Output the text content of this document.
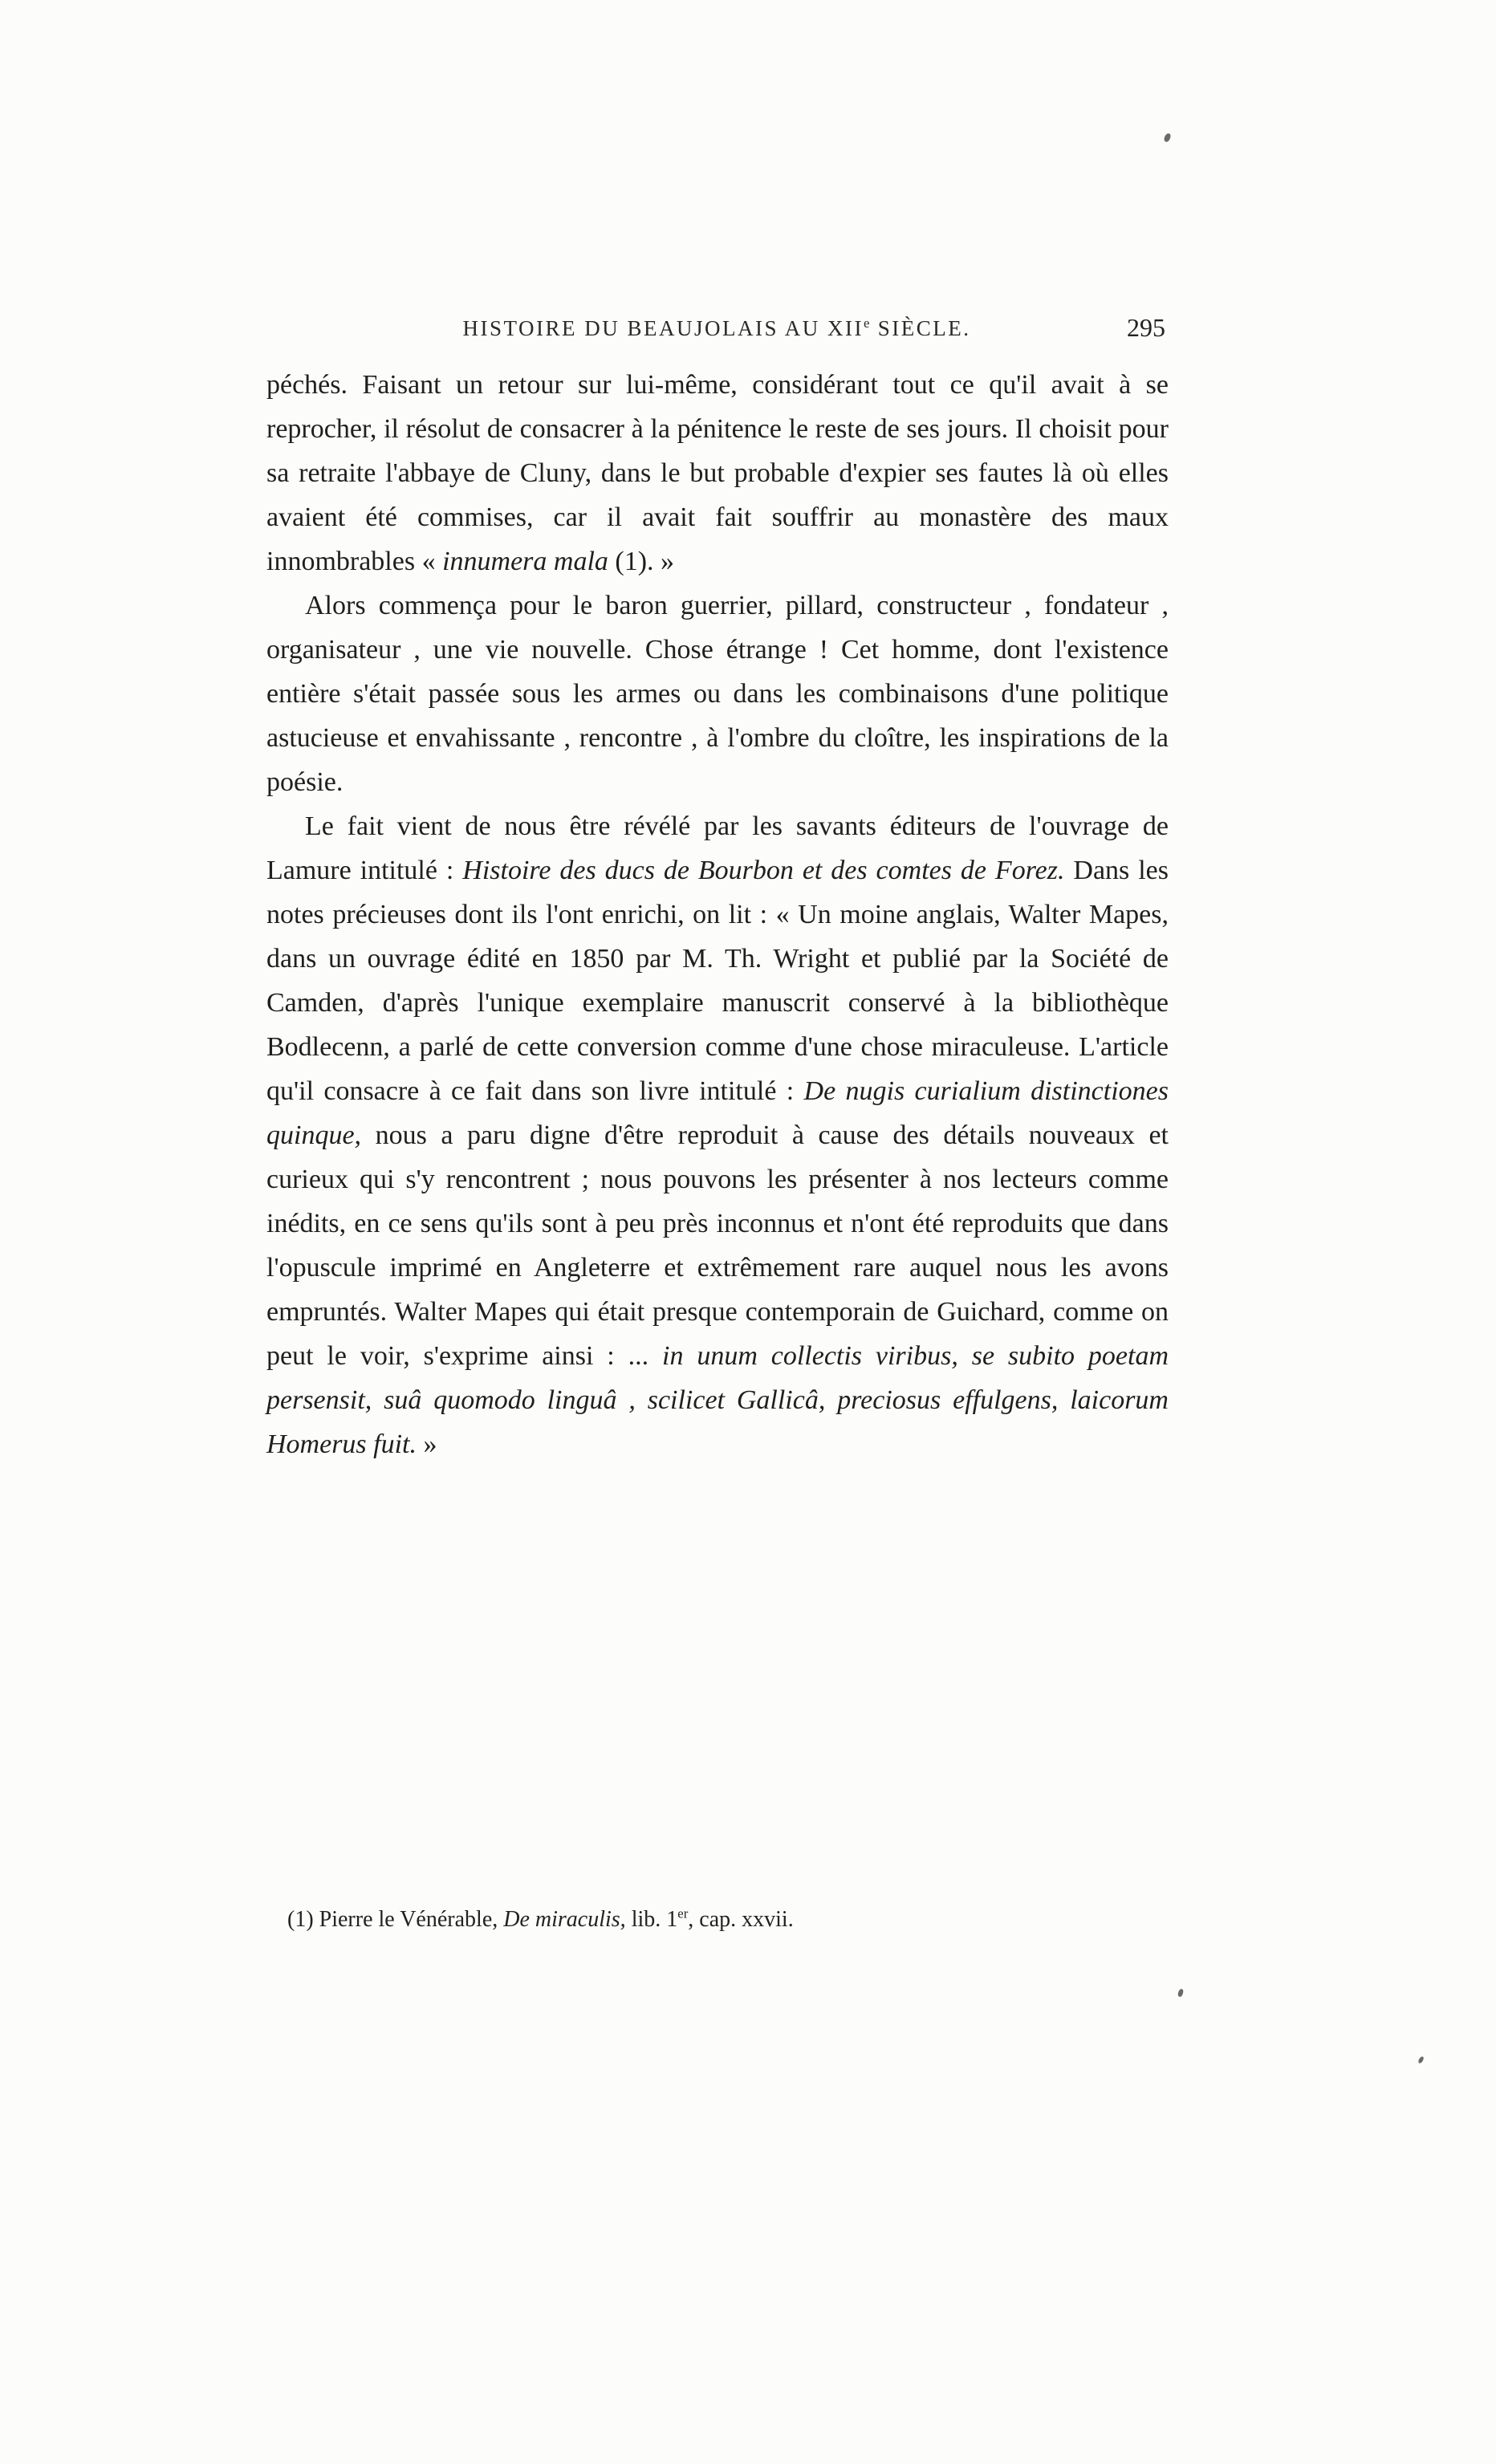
HISTOIRE DU BEAUJOLAIS AU XIIe SIÈCLE.	295

péchés. Faisant un retour sur lui-même, considérant tout ce qu'il avait à se reprocher, il résolut de consacrer à la pénitence le reste de ses jours. Il choisit pour sa retraite l'abbaye de Cluny, dans le but probable d'expier ses fautes là où elles avaient été commises, car il avait fait souffrir au monastère des maux innombrables « innumera mala (1). »

Alors commença pour le baron guerrier, pillard, constructeur , fondateur , organisateur , une vie nouvelle. Chose étrange ! Cet homme, dont l'existence entière s'était passée sous les armes ou dans les combinaisons d'une politique astucieuse et envahissante , rencontre , à l'ombre du cloître, les inspirations de la poésie.

Le fait vient de nous être révélé par les savants éditeurs de l'ouvrage de Lamure intitulé : Histoire des ducs de Bourbon et des comtes de Forez. Dans les notes précieuses dont ils l'ont enrichi, on lit : « Un moine anglais, Walter Mapes, dans un ouvrage édité en 1850 par M. Th. Wright et publié par la Société de Camden, d'après l'unique exemplaire manuscrit conservé à la bibliothèque Bodlecenn, a parlé de cette conversion comme d'une chose miraculeuse. L'article qu'il consacre à ce fait dans son livre intitulé : De nugis curialium distinctiones quinque, nous a paru digne d'être reproduit à cause des détails nouveaux et curieux qui s'y rencontrent ; nous pouvons les présenter à nos lecteurs comme inédits, en ce sens qu'ils sont à peu près inconnus et n'ont été reproduits que dans l'opuscule imprimé en Angleterre et extrêmement rare auquel nous les avons empruntés. Walter Mapes qui était presque contemporain de Guichard, comme on peut le voir, s'exprime ainsi : ... in unum collectis viribus, se subito poetam persensit, suâ quomodo linguâ , scilicet Gallicâ, preciosus effulgens, laicorum Homerus fuit. »

(1) Pierre le Vénérable, De miraculis, lib. 1er, cap. xxvii.
